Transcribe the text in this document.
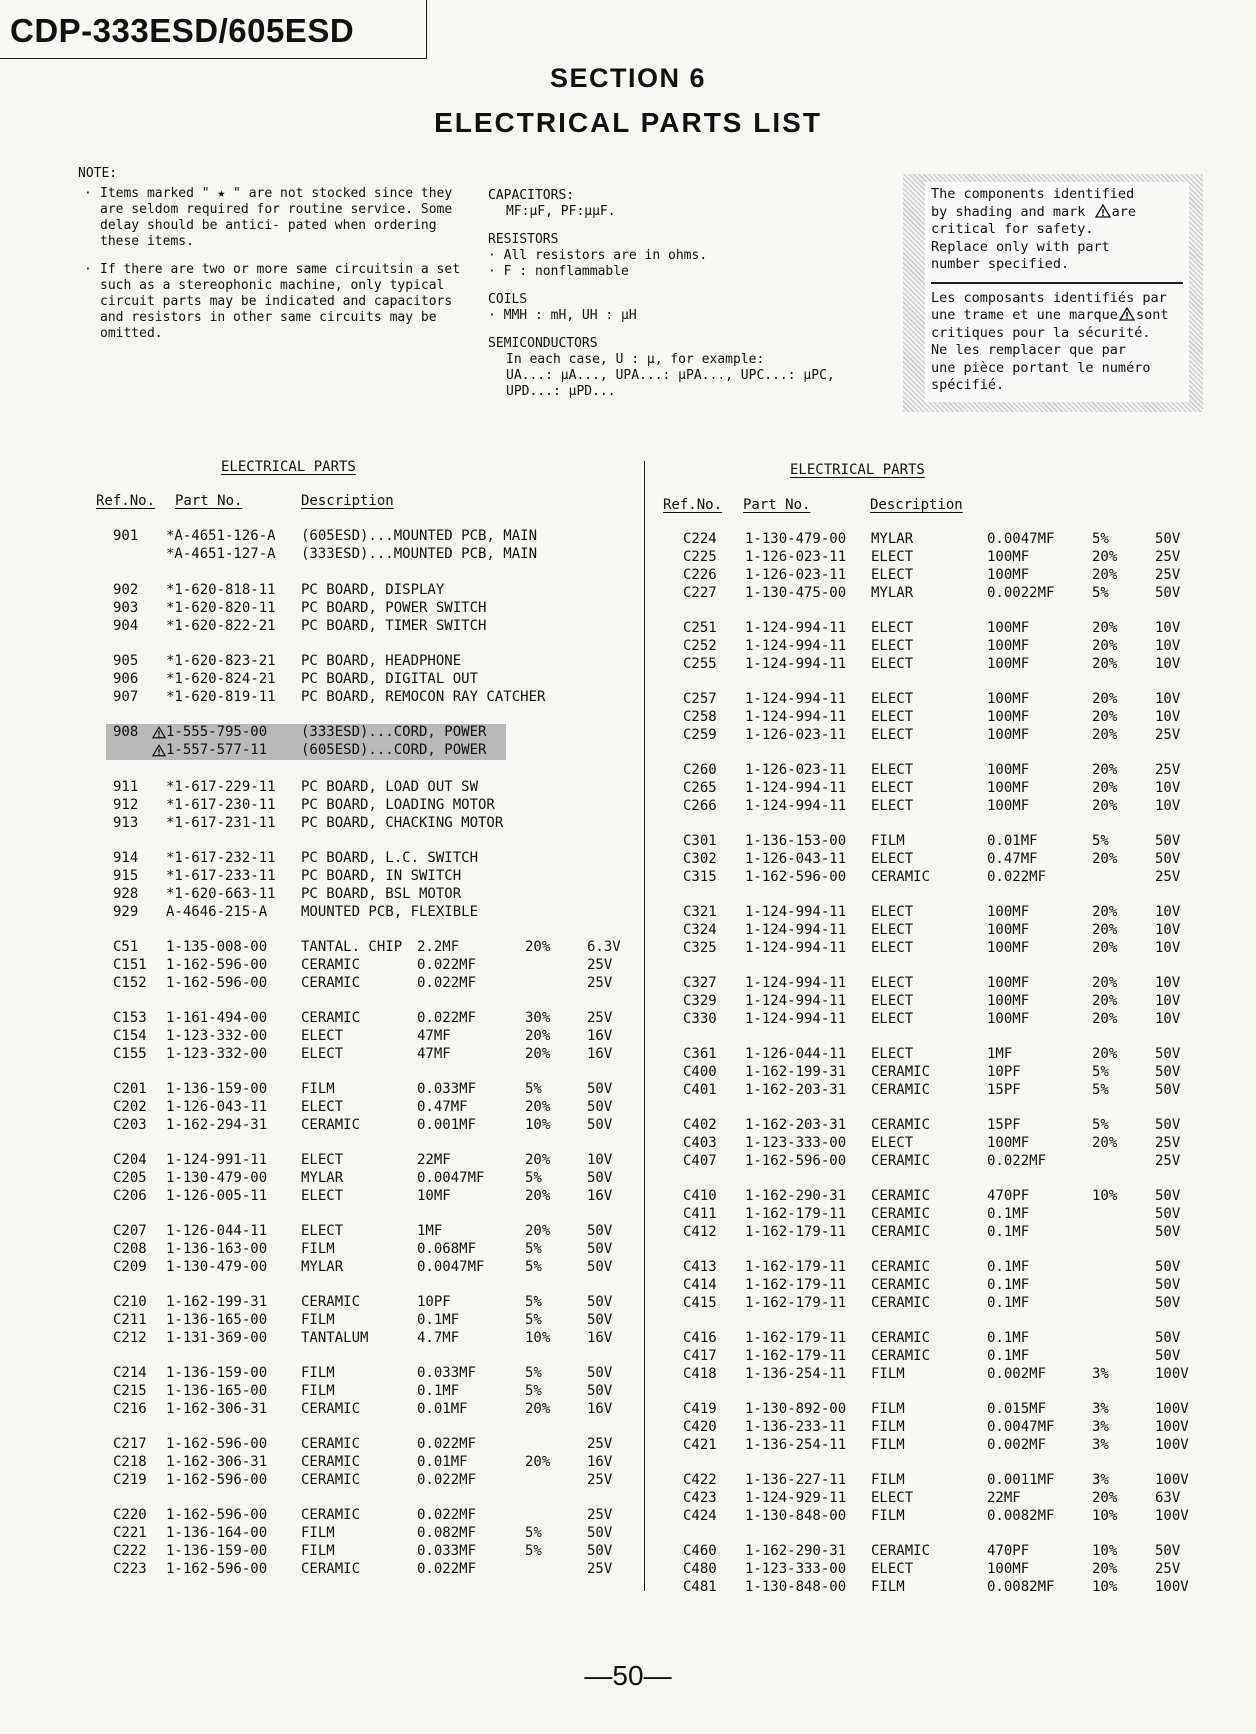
CDP-333ESD/605ESD
SECTION 6
ELECTRICAL PARTS LIST
NOTE:
· Items marked " ★ " are not stocked since they are seldom required for routine service. Some delay should be antici- pated when ordering these items.
· If there are two or more same circuitsin a set such as a stereophonic machine, only typical circuit parts may be indicated and capacitors and resistors in other same circuits may be omitted.
CAPACITORS:
MF:µF, PF:µµF.
RESISTORS
· All resistors are in ohms.
· F : nonflammable
COILS
· MMH : mH, UH : µH
SEMICONDUCTORS
In each case, U : µ, for example:
UA...: µA..., UPA...: µPA..., UPC...: µPC,
UPD...: µPD...
The components identified
by shading and mark are
critical for safety.
Replace only with part
number specified.
Les composants identifiés par
une trame et une marque sont
critiques pour la sécurité.
Ne les remplacer que par
une pièce portant le numéro
spécifié.
ELECTRICAL PARTS
Ref.No. Part No.	Description
ELECTRICAL PARTS
Ref.No. Part No.	Description
901 *A-4651-126-A (605ESD)...MOUNTED PCB, MAIN
*A-4651-127-A (333ESD)...MOUNTED PCB, MAIN
902 *1-620-818-11 PC BOARD, DISPLAY
903 *1-620-820-11 PC BOARD, POWER SWITCH
904 *1-620-822-21 PC BOARD, TIMER SWITCH
905 *1-620-823-21 PC BOARD, HEADPHONE
906 *1-620-824-21 PC BOARD, DIGITAL OUT
907 *1-620-819-11 PC BOARD, REMOCON RAY CATCHER
908 1-555-795-00 (333ESD)...CORD, POWER
1-557-577-11 (605ESD)...CORD, POWER
911 *1-617-229-11 PC BOARD, LOAD OUT SW
912 *1-617-230-11 PC BOARD, LOADING MOTOR
913 *1-617-231-11 PC BOARD, CHACKING MOTOR
914 *1-617-232-11 PC BOARD, L.C. SWITCH
915 *1-617-233-11 PC BOARD, IN SWITCH
928 *1-620-663-11 PC BOARD, BSL MOTOR
929 A-4646-215-A MOUNTED PCB, FLEXIBLE
C51 1-135-008-00 TANTAL. CHIP 2.2MF	20%	6.3V
C151 1-162-596-00 CERAMIC	0.022MF	25V
C152 1-162-596-00 CERAMIC	0.022MF	25V
C153 1-161-494-00 CERAMIC	0.022MF	30%	25V
C154 1-123-332-00 ELECT	47MF	20%	16V
C155 1-123-332-00 ELECT	47MF	20%	16V
C201 1-136-159-00 FILM	0.033MF	5%	50V
C202 1-126-043-11 ELECT	0.47MF	20%	50V
C203 1-162-294-31 CERAMIC	0.001MF	10%	50V
C204 1-124-991-11 ELECT	22MF	20%	10V
C205 1-130-479-00 MYLAR	0.0047MF	5%	50V
C206 1-126-005-11 ELECT	10MF	20%	16V
C207 1-126-044-11 ELECT	1MF	20%	50V
C208 1-136-163-00 FILM	0.068MF	5%	50V
C209 1-130-479-00 MYLAR	0.0047MF	5%	50V
C210 1-162-199-31 CERAMIC	10PF	5%	50V
C211 1-136-165-00 FILM	0.1MF	5%	50V
C212 1-131-369-00 TANTALUM	4.7MF	10%	16V
C214 1-136-159-00 FILM	0.033MF	5%	50V
C215 1-136-165-00 FILM	0.1MF	5%	50V
C216 1-162-306-31 CERAMIC	0.01MF	20%	16V
C217 1-162-596-00 CERAMIC	0.022MF	25V
C218 1-162-306-31 CERAMIC	0.01MF	20%	16V
C219 1-162-596-00 CERAMIC	0.022MF	25V
C220 1-162-596-00 CERAMIC	0.022MF	25V
C221 1-136-164-00 FILM	0.082MF	5%	50V
C222 1-136-159-00 FILM	0.033MF	5%	50V
C223 1-162-596-00 CERAMIC	0.022MF	25V
C224 1-130-479-00 MYLAR	0.0047MF	5%	50V
C225 1-126-023-11 ELECT	100MF	20%	25V
C226 1-126-023-11 ELECT	100MF	20%	25V
C227 1-130-475-00 MYLAR	0.0022MF	5%	50V
C251 1-124-994-11 ELECT	100MF	20%	10V
C252 1-124-994-11 ELECT	100MF	20%	10V
C255 1-124-994-11 ELECT	100MF	20%	10V
C257 1-124-994-11 ELECT	100MF	20%	10V
C258 1-124-994-11 ELECT	100MF	20%	10V
C259 1-126-023-11 ELECT	100MF	20%	25V
C260 1-126-023-11 ELECT	100MF	20%	25V
C265 1-124-994-11 ELECT	100MF	20%	10V
C266 1-124-994-11 ELECT	100MF	20%	10V
C301 1-136-153-00 FILM	0.01MF	5%	50V
C302 1-126-043-11 ELECT	0.47MF	20%	50V
C315 1-162-596-00 CERAMIC	0.022MF	25V
C321 1-124-994-11 ELECT	100MF	20%	10V
C324 1-124-994-11 ELECT	100MF	20%	10V
C325 1-124-994-11 ELECT	100MF	20%	10V
C327 1-124-994-11 ELECT	100MF	20%	10V
C329 1-124-994-11 ELECT	100MF	20%	10V
C330 1-124-994-11 ELECT	100MF	20%	10V
C361 1-126-044-11 ELECT	1MF	20%	50V
C400 1-162-199-31 CERAMIC	10PF	5%	50V
C401 1-162-203-31 CERAMIC	15PF	5%	50V
C402 1-162-203-31 CERAMIC	15PF	5%	50V
C403 1-123-333-00 ELECT	100MF	20%	25V
C407 1-162-596-00 CERAMIC	0.022MF	25V
C410 1-162-290-31 CERAMIC	470PF	10%	50V
C411 1-162-179-11 CERAMIC	0.1MF	50V
C412 1-162-179-11 CERAMIC	0.1MF	50V
C413 1-162-179-11 CERAMIC	0.1MF	50V
C414 1-162-179-11 CERAMIC	0.1MF	50V
C415 1-162-179-11 CERAMIC	0.1MF	50V
C416 1-162-179-11 CERAMIC	0.1MF	50V
C417 1-162-179-11 CERAMIC	0.1MF	50V
C418 1-136-254-11 FILM	0.002MF	3%	100V
C419 1-130-892-00 FILM	0.015MF	3%	100V
C420 1-136-233-11 FILM	0.0047MF	3%	100V
C421 1-136-254-11 FILM	0.002MF	3%	100V
C422 1-136-227-11 FILM	0.0011MF	3%	100V
C423 1-124-929-11 ELECT	22MF	20%	63V
C424 1-130-848-00 FILM	0.0082MF	10%	100V
C460 1-162-290-31 CERAMIC	470PF	10%	50V
C480 1-123-333-00 ELECT	100MF	20%	25V
C481 1-130-848-00 FILM	0.0082MF	10%	100V
—50—
